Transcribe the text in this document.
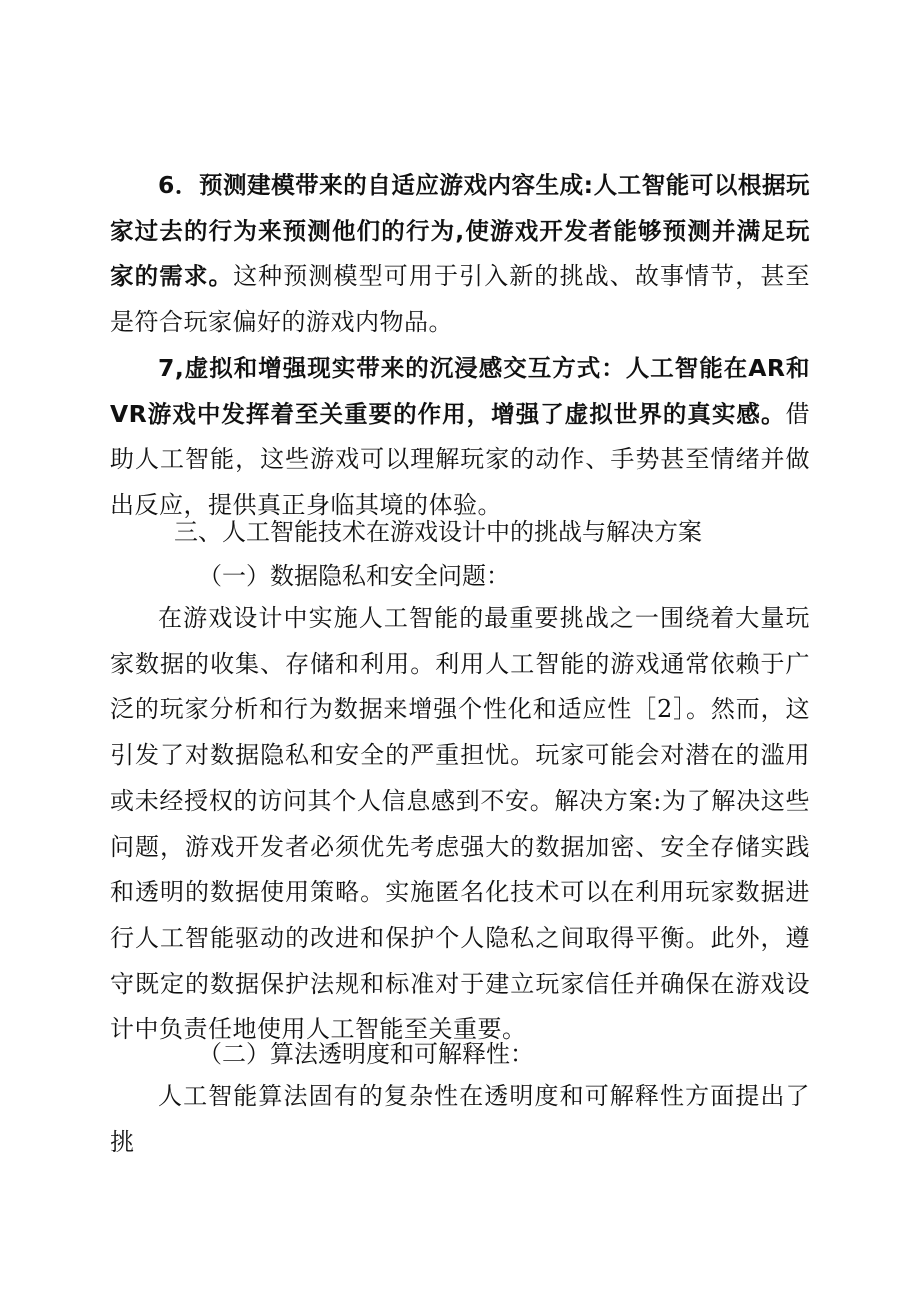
6．预测建模带来的自适应游戏内容生成:人工智能可以根据玩家过去的行为来预测他们的行为,使游戏开发者能够预测并满足玩家的需求。这种预测模型可用于引入新的挑战、故事情节，甚至是符合玩家偏好的游戏内物品。

7,虚拟和增强现实带来的沉浸感交互方式：人工智能在AR和VR游戏中发挥着至关重要的作用，增强了虚拟世界的真实感。借助人工智能，这些游戏可以理解玩家的动作、手势甚至情绪并做出反应，提供真正身临其境的体验。

三、人工智能技术在游戏设计中的挑战与解决方案

（一）数据隐私和安全问题：

在游戏设计中实施人工智能的最重要挑战之一围绕着大量玩家数据的收集、存储和利用。利用人工智能的游戏通常依赖于广泛的玩家分析和行为数据来增强个性化和适应性［2］。然而，这引发了对数据隐私和安全的严重担忧。玩家可能会对潜在的滥用或未经授权的访问其个人信息感到不安。解决方案:为了解决这些问题，游戏开发者必须优先考虑强大的数据加密、安全存储实践和透明的数据使用策略。实施匿名化技术可以在利用玩家数据进行人工智能驱动的改进和保护个人隐私之间取得平衡。此外，遵守既定的数据保护法规和标准对于建立玩家信任并确保在游戏设计中负责任地使用人工智能至关重要。

（二）算法透明度和可解释性：

人工智能算法固有的复杂性在透明度和可解释性方面提出了挑
